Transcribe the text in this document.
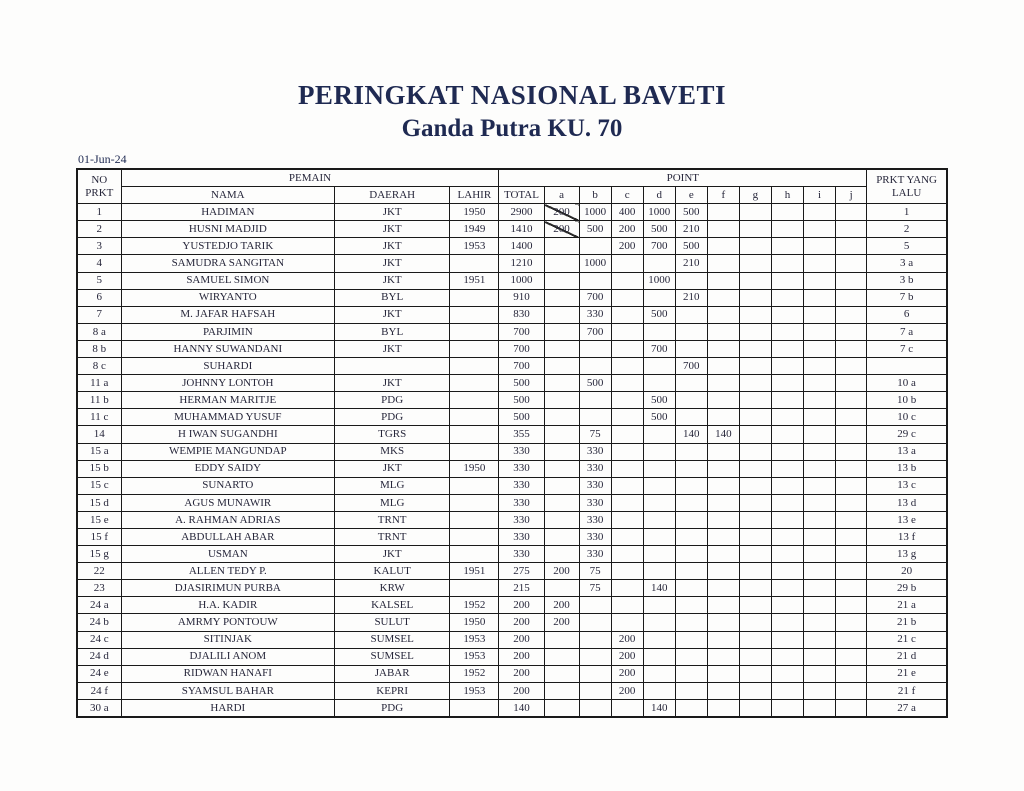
PERINGKAT NASIONAL BAVETI
Ganda Putra KU. 70
01-Jun-24
NO
PRKT	PEMAIN			POINT											PRKT YANG
LALU
	NAMA	DAERAH	LAHIR	TOTAL	a	b	c	d	e	f	g	h	i	j	
1	HADIMAN	JKT	1950	2900	200	1000	400	1000	500						1
2	HUSNI MADJID	JKT	1949	1410	200	500	200	500	210						2
3	YUSTEDJO TARIK	JKT	1953	1400			200	700	500						5
4	SAMUDRA SANGITAN	JKT		1210		1000			210						3 a
5	SAMUEL SIMON	JKT	1951	1000				1000							3 b
6	WIRYANTO	BYL		910		700			210						7 b
7	M. JAFAR HAFSAH	JKT		830		330		500							6
8 a	PARJIMIN	BYL		700		700									7 a
8 b	HANNY SUWANDANI	JKT		700				700							7 c
8 c	SUHARDI			700					700						
11 a	JOHNNY LONTOH	JKT		500		500									10 a
11 b	HERMAN MARITJE	PDG		500				500							10 b
11 c	MUHAMMAD YUSUF	PDG		500				500							10 c
14	H IWAN SUGANDHI	TGRS		355		75			140	140					29 c
15 a	WEMPIE MANGUNDAP	MKS		330		330									13 a
15 b	EDDY SAIDY	JKT	1950	330		330									13 b
15 c	SUNARTO	MLG		330		330									13 c
15 d	AGUS MUNAWIR	MLG		330		330									13 d
15 e	A. RAHMAN ADRIAS	TRNT		330		330									13 e
15 f	ABDULLAH ABAR	TRNT		330		330									13 f
15 g	USMAN	JKT		330		330									13 g
22	ALLEN TEDY P.	KALUT	1951	275	200	75									20
23	DJASIRIMUN PURBA	KRW		215		75		140							29 b
24 a	H.A. KADIR	KALSEL	1952	200	200										21 a
24 b	AMRMY PONTOUW	SULUT	1950	200	200										21 b
24 c	SITINJAK	SUMSEL	1953	200			200								21 c
24 d	DJALILI ANOM	SUMSEL	1953	200			200								21 d
24 e	RIDWAN HANAFI	JABAR	1952	200			200								21 e
24 f	SYAMSUL BAHAR	KEPRI	1953	200			200								21 f
30 a	HARDI	PDG		140				140							27 a
